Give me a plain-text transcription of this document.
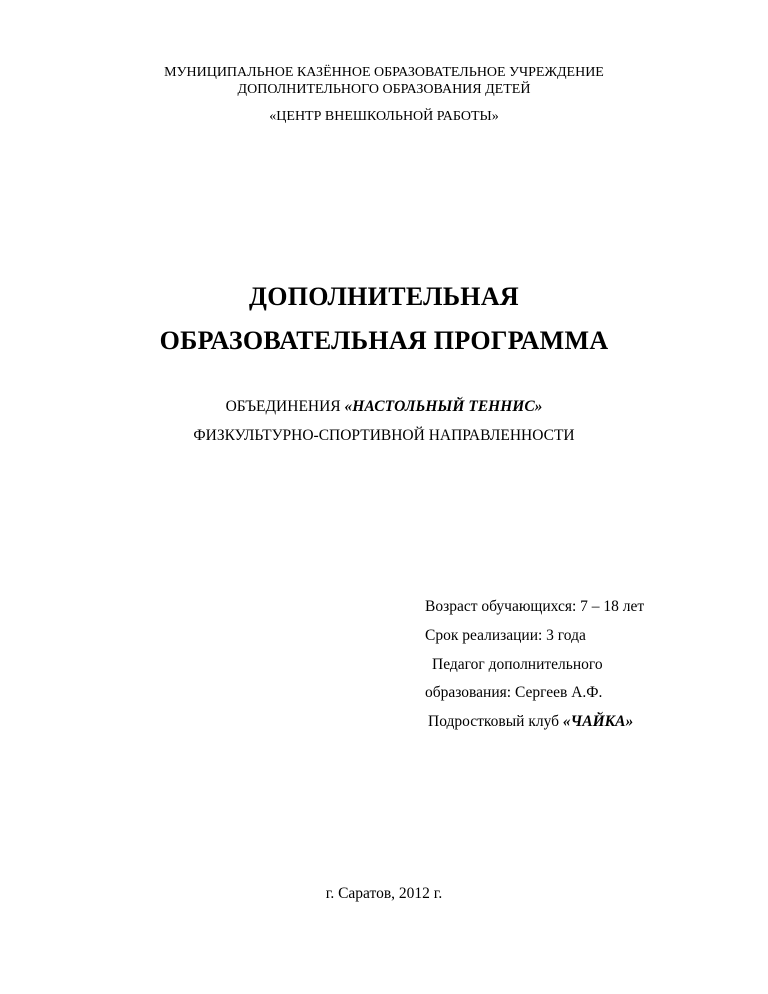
МУНИЦИПАЛЬНОЕ КАЗЁННОЕ ОБРАЗОВАТЕЛЬНОЕ УЧРЕЖДЕНИЕ
ДОПОЛНИТЕЛЬНОГО ОБРАЗОВАНИЯ ДЕТЕЙ
«ЦЕНТР ВНЕШКОЛЬНОЙ РАБОТЫ»
ДОПОЛНИТЕЛЬНАЯ
ОБРАЗОВАТЕЛЬНАЯ ПРОГРАММА
ОБЪЕДИНЕНИЯ «НАСТОЛЬНЫЙ ТЕННИС»
ФИЗКУЛЬТУРНО-СПОРТИВНОЙ НАПРАВЛЕННОСТИ
Возраст обучающихся: 7 – 18 лет
Срок реализации: 3 года
Педагог дополнительного
образования: Сергеев А.Ф.
Подростковый клуб «ЧАЙКА»
г. Саратов, 2012 г.
